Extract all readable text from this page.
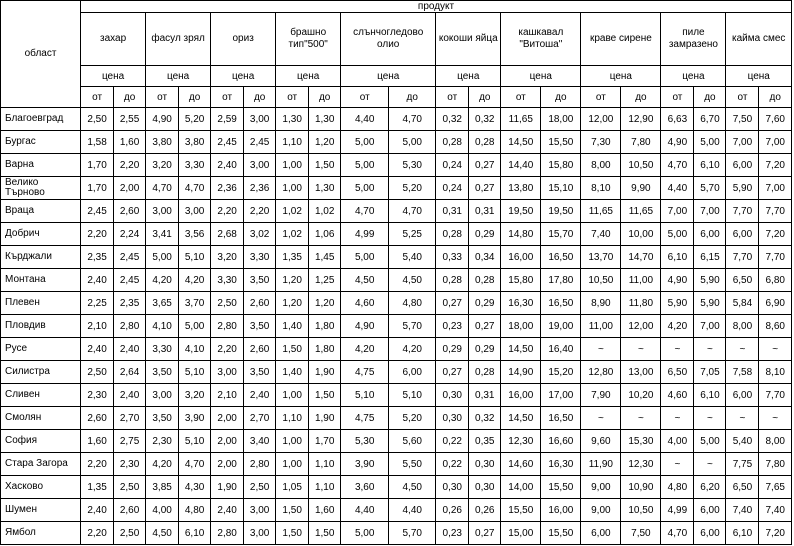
област	продукт																			
	захар		фасул зрял		ориз		брашно тип"500"		слънчогледово олио		кокоши яйца		кашкавал "Витоша"		краве сирене		пиле замразено		кайма смес	
	цена		цена		цена		цена		цена		цена		цена		цена		цена		цена	
	от	до	от	до	от	до	от	до	от	до	от	до	от	до	от	до	от	до	от	до
Благоевград	2,50	2,55	4,90	5,20	2,59	3,00	1,30	1,30	4,40	4,70	0,32	0,32	11,65	18,00	12,00	12,90	6,63	6,70	7,50	7,60
Бургас	1,58	1,60	3,80	3,80	2,45	2,45	1,10	1,20	5,00	5,00	0,28	0,28	14,50	15,50	7,30	7,80	4,90	5,00	7,00	7,00
Варна	1,70	2,20	3,20	3,30	2,40	3,00	1,00	1,50	5,00	5,30	0,24	0,27	14,40	15,80	8,00	10,50	4,70	6,10	6,00	7,20
Велико Търново	1,70	2,00	4,70	4,70	2,36	2,36	1,00	1,30	5,00	5,20	0,24	0,27	13,80	15,10	8,10	9,90	4,40	5,70	5,90	7,00
Враца	2,45	2,60	3,00	3,00	2,20	2,20	1,02	1,02	4,70	4,70	0,31	0,31	19,50	19,50	11,65	11,65	7,00	7,00	7,70	7,70
Добрич	2,20	2,24	3,41	3,56	2,68	3,02	1,02	1,06	4,99	5,25	0,28	0,29	14,80	15,70	7,40	10,00	5,00	6,00	6,00	7,20
Кърджали	2,35	2,45	5,00	5,10	3,20	3,30	1,35	1,45	5,00	5,40	0,33	0,34	16,00	16,50	13,70	14,70	6,10	6,15	7,70	7,70
Монтана	2,40	2,45	4,20	4,20	3,30	3,50	1,20	1,25	4,50	4,50	0,28	0,28	15,80	17,80	10,50	11,00	4,90	5,90	6,50	6,80
Плевен	2,25	2,35	3,65	3,70	2,50	2,60	1,20	1,20	4,60	4,80	0,27	0,29	16,30	16,50	8,90	11,80	5,90	5,90	5,84	6,90
Пловдив	2,10	2,80	4,10	5,00	2,80	3,50	1,40	1,80	4,90	5,70	0,23	0,27	18,00	19,00	11,00	12,00	4,20	7,00	8,00	8,60
Русе	2,40	2,40	3,30	4,10	2,20	2,60	1,50	1,80	4,20	4,20	0,29	0,29	14,50	16,40	~	~	~	~	~	~
Силистра	2,50	2,64	3,50	5,10	3,00	3,50	1,40	1,90	4,75	6,00	0,27	0,28	14,90	15,20	12,80	13,00	6,50	7,05	7,58	8,10
Сливен	2,30	2,40	3,00	3,20	2,10	2,40	1,00	1,50	5,10	5,10	0,30	0,31	16,00	17,00	7,90	10,20	4,60	6,10	6,00	7,70
Смолян	2,60	2,70	3,50	3,90	2,00	2,70	1,10	1,90	4,75	5,20	0,30	0,32	14,50	16,50	~	~	~	~	~	~
София	1,60	2,75	2,30	5,10	2,00	3,40	1,00	1,70	5,30	5,60	0,22	0,35	12,30	16,60	9,60	15,30	4,00	5,00	5,40	8,00
Стара Загора	2,20	2,30	4,20	4,70	2,00	2,80	1,00	1,10	3,90	5,50	0,22	0,30	14,60	16,30	11,90	12,30	~	~	7,75	7,80
Хасково	1,35	2,50	3,85	4,30	1,90	2,50	1,05	1,10	3,60	4,50	0,30	0,30	14,00	15,50	9,00	10,90	4,80	6,20	6,50	7,65
Шумен	2,40	2,60	4,00	4,80	2,40	3,00	1,50	1,60	4,40	4,40	0,26	0,26	15,50	16,00	9,00	10,50	4,99	6,00	7,40	7,40
Ямбол	2,20	2,50	4,50	6,10	2,80	3,00	1,50	1,50	5,00	5,70	0,23	0,27	15,00	15,50	6,00	7,50	4,70	6,00	6,10	7,20
